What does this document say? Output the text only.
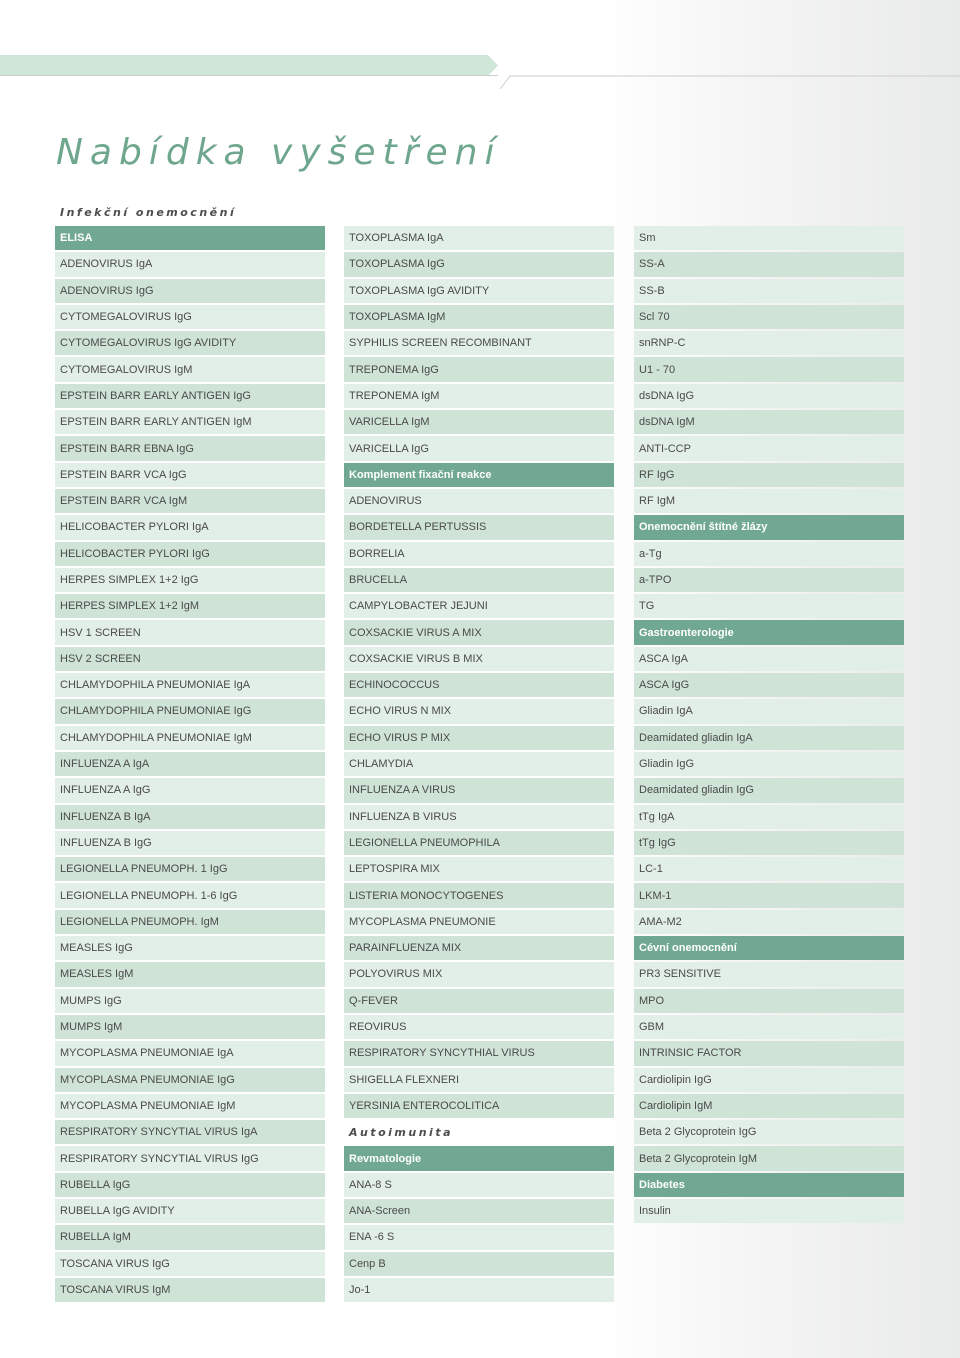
Nabídka vyšetření
Infekční onemocnění
ELISA
ADENOVIRUS IgA
ADENOVIRUS IgG
CYTOMEGALOVIRUS IgG
CYTOMEGALOVIRUS IgG AVIDITY
CYTOMEGALOVIRUS IgM
EPSTEIN BARR EARLY ANTIGEN IgG
EPSTEIN BARR EARLY ANTIGEN IgM
EPSTEIN BARR EBNA IgG
EPSTEIN BARR VCA IgG
EPSTEIN BARR VCA IgM
HELICOBACTER PYLORI IgA
HELICOBACTER PYLORI IgG
HERPES SIMPLEX 1+2 IgG
HERPES SIMPLEX 1+2 IgM
HSV 1 SCREEN
HSV 2 SCREEN
CHLAMYDOPHILA PNEUMONIAE IgA
CHLAMYDOPHILA PNEUMONIAE IgG
CHLAMYDOPHILA PNEUMONIAE IgM
INFLUENZA A IgA
INFLUENZA A IgG
INFLUENZA B IgA
INFLUENZA B IgG
LEGIONELLA PNEUMOPH. 1 IgG
LEGIONELLA PNEUMOPH. 1-6 IgG
LEGIONELLA PNEUMOPH. IgM
MEASLES IgG
MEASLES IgM
MUMPS IgG
MUMPS IgM
MYCOPLASMA PNEUMONIAE IgA
MYCOPLASMA PNEUMONIAE IgG
MYCOPLASMA PNEUMONIAE IgM
RESPIRATORY SYNCYTIAL VIRUS IgA
RESPIRATORY SYNCYTIAL VIRUS IgG
RUBELLA IgG
RUBELLA IgG AVIDITY
RUBELLA IgM
TOSCANA VIRUS IgG
TOSCANA VIRUS IgM
TOXOPLASMA IgA
TOXOPLASMA IgG
TOXOPLASMA IgG AVIDITY
TOXOPLASMA IgM
SYPHILIS SCREEN RECOMBINANT
TREPONEMA IgG
TREPONEMA IgM
VARICELLA IgM
VARICELLA IgG
Komplement fixační reakce
ADENOVIRUS
BORDETELLA PERTUSSIS
BORRELIA
BRUCELLA
CAMPYLOBACTER JEJUNI
COXSACKIE VIRUS A MIX
COXSACKIE VIRUS B MIX
ECHINOCOCCUS
ECHO VIRUS N MIX
ECHO VIRUS P MIX
CHLAMYDIA
INFLUENZA A VIRUS
INFLUENZA B VIRUS
LEGIONELLA PNEUMOPHILA
LEPTOSPIRA MIX
LISTERIA MONOCYTOGENES
MYCOPLASMA PNEUMONIE
PARAINFLUENZA MIX
POLYOVIRUS MIX
Q-FEVER
REOVIRUS
RESPIRATORY SYNCYTHIAL VIRUS
SHIGELLA FLEXNERI
YERSINIA ENTEROCOLITICA
Autoimunita
Revmatologie
ANA-8 S
ANA-Screen
ENA -6 S
Cenp B
Jo-1
Sm
SS-A
SS-B
Scl 70
snRNP-C
U1 - 70
dsDNA IgG
dsDNA IgM
ANTI-CCP
RF IgG
RF IgM
Onemocnění štítné žlázy
a-Tg
a-TPO
TG
Gastroenterologie
ASCA IgA
ASCA IgG
Gliadin IgA
Deamidated gliadin IgA
Gliadin IgG
Deamidated gliadin IgG
tTg IgA
tTg IgG
LC-1
LKM-1
AMA-M2
Cévní onemocnění
PR3 SENSITIVE
MPO
GBM
INTRINSIC FACTOR
Cardiolipin IgG
Cardiolipin IgM
Beta 2 Glycoprotein IgG
Beta 2 Glycoprotein IgM
Diabetes
Insulin
